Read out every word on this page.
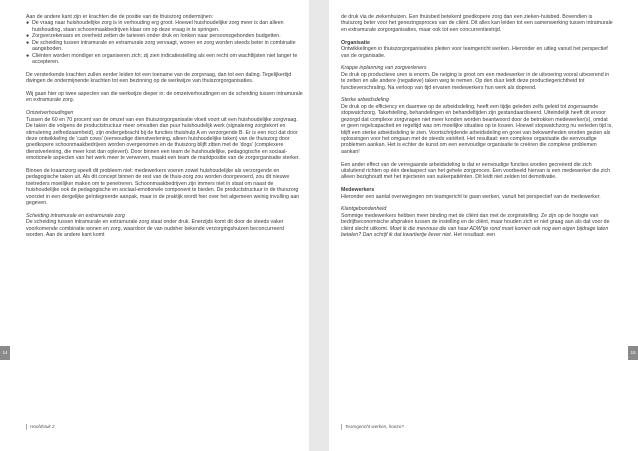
Aan de andere kant zijn er krachten die de positie van de thuiszorg ondermijnen:

● De vraag naar huishoudelijke zorg is in verhouding erg groot. Hoewel huishoudelijke zorg meer is dan alleen huishouding, staan schoonmaakbedrijven klaar om op deze vraag in te springen.
● Zorgverzekeraars en overheid zetten de tarieven onder druk en lonken naar persoonsgebonden budgetten.
● De scheiding tussen intramurale en extramurale zorg vervaagt, wonen en zorg worden steeds beter in combinatie aangeboden.
● Cliënten worden mondiger en organiseren zich; zij zien indicatiestelling als een recht om wachtlijsten niet langer te accepteren.

De versterkende krachten zullen eerder leiden tot een toename van de zorgvraag, dan tot een daling. Tegelijkertijd dwingen de ondermijnende krachten tot een bezinning op de werkwijze van thuiszorgorganisaties.

Wij gaan hier op twee aspecten van die werkwijze dieper in: de omzetverhoudingen en de scheiding tussen intramurale en extramurale zorg.

Omzetverhoudingen

Tussen de 60 en 70 procent van de omzet van een thuiszorgorganisatie vloeit voort uit een huishoudelijke zorgvraag. De taken die volgens de productstructuur meer omvatten dan puur huishoudelijk werk (signalering zorgtekort en stimulering zelfredzaamheid), zijn ondergebracht bij de functies thuishulp A en verzorgende B. Er is een ricci dat door deze ontwikkeling de 'cash cows' (eenvoudige dienstverlening, alleen huishoudelijke taken) van de thuiszorg door goedkopere schoonmaakbedrijven worden overgenomen en de thuiszorg blijft zitten met de 'dogs' (complexere dienstverlening, die meer kost dan oplevert). Door binnen een team de huishoudelijke, pedagogische en sociaal-emotionele aspecten van het werk meer te verweven, maakt een team de marktpositie van de zorgorganisatie sterker.

Binnen de kraamzorg speelt dit probleem niet: medewerkers voeren zowel huishoudelijke als verzorgende en pedagogische taken uit. Als dit concept binnen de rest van de thuis-zorg zou worden doorgevoerd, zou dit nieuwe toetreders moeilijker maken om te penetreren. Schoonmaakbedrijven zijn immers niet in staat om naast de huishoudelijke ook de pedagogische en sociaal-emotionele component te bieden. De productstructuur in de thuiszorg voorziet in een dergelijke geïntegreerde aanpak, maar in de praktijk wordt hier over het algemeen weinig invulling aan gegeven.

Scheiding intramurale en extramurale zorg

De scheiding tussen intramurale en extramurale zorg staat onder druk. Enerzijds komt dit door de steeds vaker voorkomende combinatie wonen en zorg, waardoor de van oudsher bekende verzorgingshuizen beconcurreerd worden. Aan de andere kant komt

14
Hoofdstuk 2

de druk via de ziekenhuizen. Een thuisbed betekent goedkopere zorg dan een zieken-huisbed. Bovendien is thuiszorg beter voor het genezingsproces van de cliënt. Dit alles kan leiden tot een samenwerking tussen intramurale en extramurale zorgorganisaties, maar ook tot een concurrentiestrijd.

Organisatie

Ontwikkelingen in thuiszorgorganisaties pleiten voor teamgericht werken. Hieronder en uitleg vanuit het perspectief van de organisatie.

Krappe inplanning van zorgverleners

De druk op productieve uren is enorm. De neiging is groot om een medewerker in de uitvoering vooral uitvoerend in te zetten en alle andere (negatieve) taken weg te nemen. Op den duur leidt deze productiegerichtheid tot functieverschraling. Na verloop van tijd ervaren medewerkers hun werk als doprend.

Sterke arbeidsdeling

De druk op de efficiency en daarmee op de arbeidsdeling, heeft een tijdje geleden zelfs geleid tot zogenaamde stopwatchzorg. Takefstelling, behandelingen en behandeltijden zijn gestandaardiseerd. Uiteindelijk heeft dit ervoor gezorgd dat complexe zorgvragen niet meer konden worden beantwoord door de betrokken medewerker(s), omdat er geen regelcapaciteit en regeltijd was om moeilijke situaties op te lossen. Hoewel stopwatchzorg nu verleden tijd is, blijft een sterke arbeidsdeling te zien. Voortschrijdende arbeidsdeling en groei van bekwamheden worden gezien als oplossingen voor het omgaan met de steeds variëteit. Het resultaat: een complexe organisatie die eenvoudige problemen aankan. Het is echter de kunst om een eenvoudige organisatie te creëren die complexe problemen aankan!

Een ander effect van de verregaande arbeidsdeling is dat er eenvoudige functies worden gecreëerd die zich uitsluitend richten op één deelaspect van het gehele zorgproces. Een voorbeeld hiervan is een medewerker die zich alleen bezighoudt met het injecteren van suikerpatiënten. Dit leidt niet zelden tot demotivatie.

Medewerkers

Hieronder een aantal overwegingen om teamgericht te gaan werken, vanuit het perspectief van de medewerker.

Klantgebondenheid

Sommige medewerkers hebben meer binding met de cliënt dan met de zorginstelling. Ze zijn op de hoogte van bedrijfseconomische afspraken tussen de instelling en de cliënt, maar houden zich er niet graag aan als dat voor de cliënt slecht uitkomt. Moet ik die mevrouw die van haar ADW'tje rond moet komen ook nog een eigen bijdrage laten betalen? Dan schrijf ik dat kwartiertje liever niet. Het resultaat: een

15
Teamgericht werken, hoezo?
